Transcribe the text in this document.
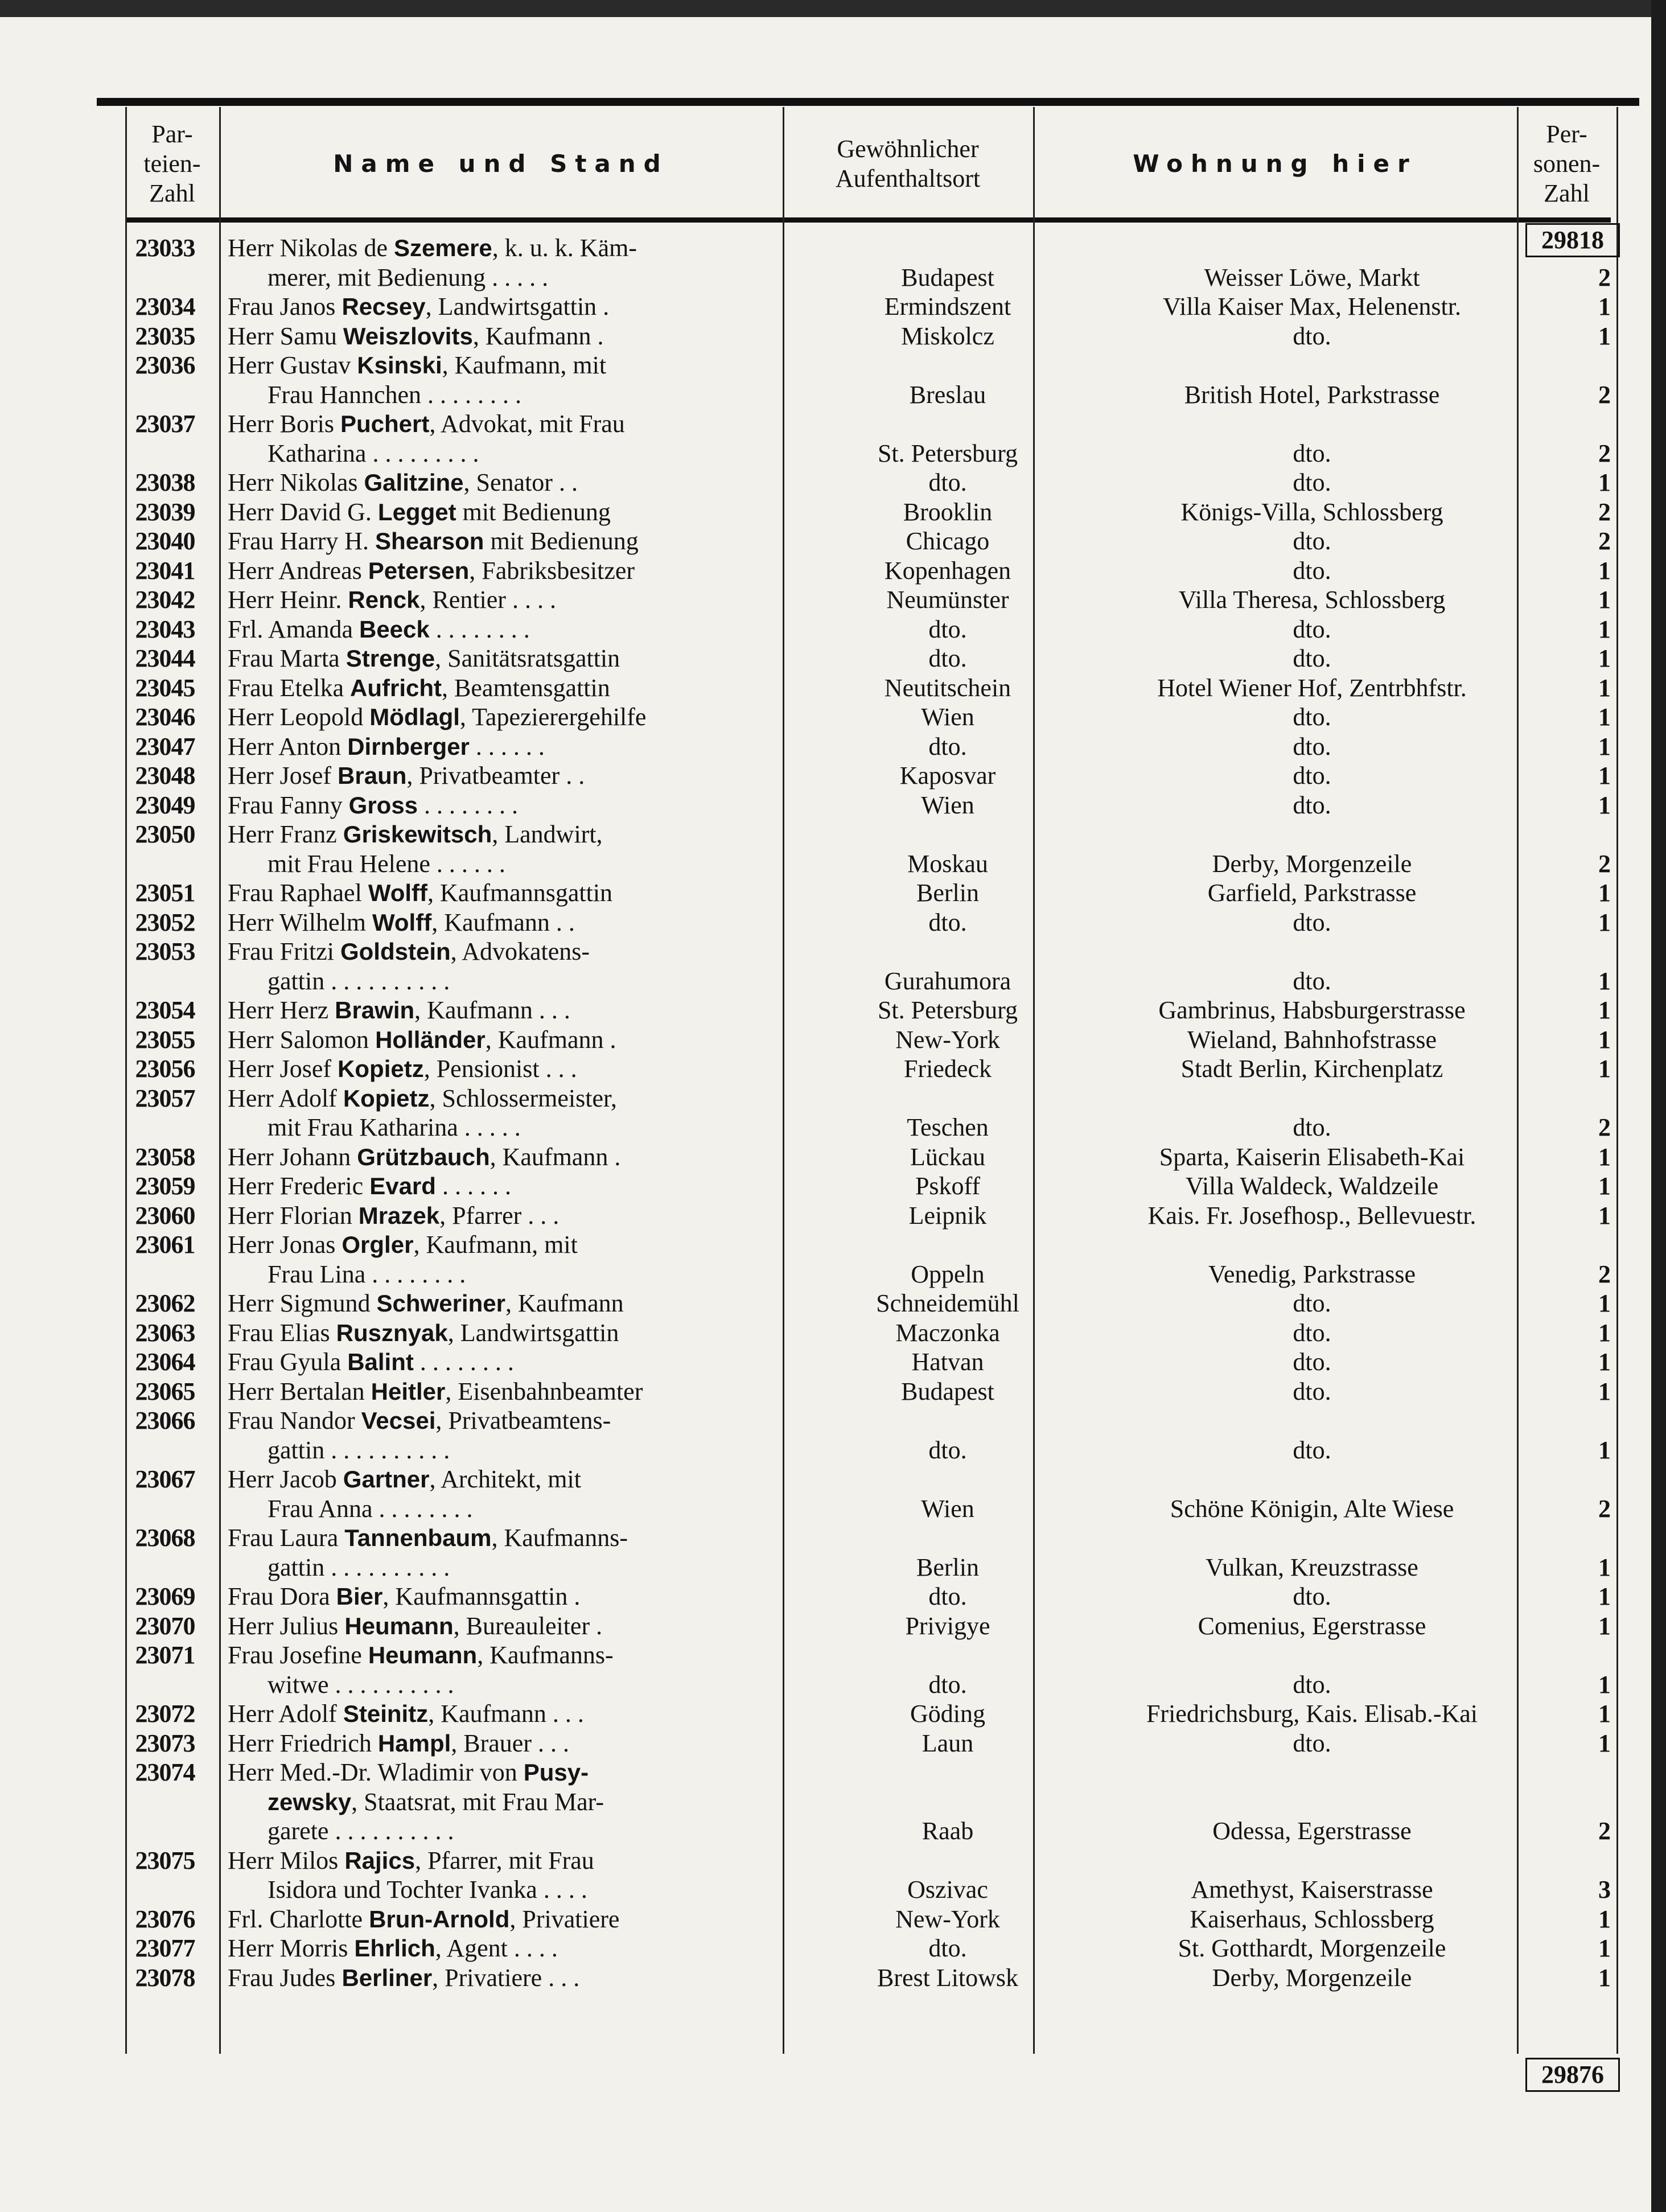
Par-
teien-
Zahl
Name und Stand
Gewöhnlicher
Aufenthaltsort
Wohnung hier
Per-
sonen-
Zahl
29818
23033	Herr Nikolas de Szemere, k. u. k. Käm-
merer, mit Bedienung . . . . .	Budapest	Weisser Löwe, Markt	2
23034	Frau Janos Recsey, Landwirtsgattin .	Ermindszent	Villa Kaiser Max, Helenenstr.	1
23035	Herr Samu Weiszlovits, Kaufmann .	Miskolcz	dto.	1
23036	Herr Gustav Ksinski, Kaufmann, mit
Frau Hannchen . . . . . . . .	Breslau	British Hotel, Parkstrasse	2
23037	Herr Boris Puchert, Advokat, mit Frau
Katharina . . . . . . . . .	St. Petersburg	dto.	2
23038	Herr Nikolas Galitzine, Senator . .	dto.	dto.	1
23039	Herr David G. Legget mit Bedienung	Brooklin	Königs-Villa, Schlossberg	2
23040	Frau Harry H. Shearson mit Bedienung	Chicago	dto.	2
23041	Herr Andreas Petersen, Fabriksbesitzer	Kopenhagen	dto.	1
23042	Herr Heinr. Renck, Rentier . . . .	Neumünster	Villa Theresa, Schlossberg	1
23043	Frl. Amanda Beeck . . . . . . . .	dto.	dto.	1
23044	Frau Marta Strenge, Sanitätsratsgattin	dto.	dto.	1
23045	Frau Etelka Aufricht, Beamtensgattin	Neutitschein	Hotel Wiener Hof, Zentrbhfstr.	1
23046	Herr Leopold Mödlagl, Tapezierergehilfe	Wien	dto.	1
23047	Herr Anton Dirnberger . . . . . .	dto.	dto.	1
23048	Herr Josef Braun, Privatbeamter . .	Kaposvar	dto.	1
23049	Frau Fanny Gross . . . . . . . .	Wien	dto.	1
23050	Herr Franz Griskewitsch, Landwirt,
mit Frau Helene . . . . . .	Moskau	Derby, Morgenzeile	2
23051	Frau Raphael Wolff, Kaufmannsgattin	Berlin	Garfield, Parkstrasse	1
23052	Herr Wilhelm Wolff, Kaufmann . .	dto.	dto.	1
23053	Frau Fritzi Goldstein, Advokatens-
gattin . . . . . . . . . .	Gurahumora	dto.	1
23054	Herr Herz Brawin, Kaufmann . . .	St. Petersburg	Gambrinus, Habsburgerstrasse	1
23055	Herr Salomon Holländer, Kaufmann .	New-York	Wieland, Bahnhofstrasse	1
23056	Herr Josef Kopietz, Pensionist . . .	Friedeck	Stadt Berlin, Kirchenplatz	1
23057	Herr Adolf Kopietz, Schlossermeister,
mit Frau Katharina . . . . .	Teschen	dto.	2
23058	Herr Johann Grützbauch, Kaufmann .	Lückau	Sparta, Kaiserin Elisabeth-Kai	1
23059	Herr Frederic Evard . . . . . .	Pskoff	Villa Waldeck, Waldzeile	1
23060	Herr Florian Mrazek, Pfarrer . . .	Leipnik	Kais. Fr. Josefhosp., Bellevuestr.	1
23061	Herr Jonas Orgler, Kaufmann, mit
Frau Lina . . . . . . . .	Oppeln	Venedig, Parkstrasse	2
23062	Herr Sigmund Schweriner, Kaufmann	Schneidemühl	dto.	1
23063	Frau Elias Rusznyak, Landwirtsgattin	Maczonka	dto.	1
23064	Frau Gyula Balint . . . . . . . .	Hatvan	dto.	1
23065	Herr Bertalan Heitler, Eisenbahnbeamter	Budapest	dto.	1
23066	Frau Nandor Vecsei, Privatbeamtens-
gattin . . . . . . . . . .	dto.	dto.	1
23067	Herr Jacob Gartner, Architekt, mit
Frau Anna . . . . . . . .	Wien	Schöne Königin, Alte Wiese	2
23068	Frau Laura Tannenbaum, Kaufmanns-
gattin . . . . . . . . . .	Berlin	Vulkan, Kreuzstrasse	1
23069	Frau Dora Bier, Kaufmannsgattin .	dto.	dto.	1
23070	Herr Julius Heumann, Bureauleiter .	Privigye	Comenius, Egerstrasse	1
23071	Frau Josefine Heumann, Kaufmanns-
witwe . . . . . . . . . .	dto.	dto.	1
23072	Herr Adolf Steinitz, Kaufmann . . .	Göding	Friedrichsburg, Kais. Elisab.-Kai	1
23073	Herr Friedrich Hampl, Brauer . . .	Laun	dto.	1
23074	Herr Med.-Dr. Wladimir von Pusy-
zewsky, Staatsrat, mit Frau Mar-
garete . . . . . . . . . .	Raab	Odessa, Egerstrasse	2
23075	Herr Milos Rajics, Pfarrer, mit Frau
Isidora und Tochter Ivanka . . . .	Oszivac	Amethyst, Kaiserstrasse	3
23076	Frl. Charlotte Brun-Arnold, Privatiere	New-York	Kaiserhaus, Schlossberg	1
23077	Herr Morris Ehrlich, Agent . . . .	dto.	St. Gotthardt, Morgenzeile	1
23078	Frau Judes Berliner, Privatiere . . .	Brest Litowsk	Derby, Morgenzeile	1
29876
